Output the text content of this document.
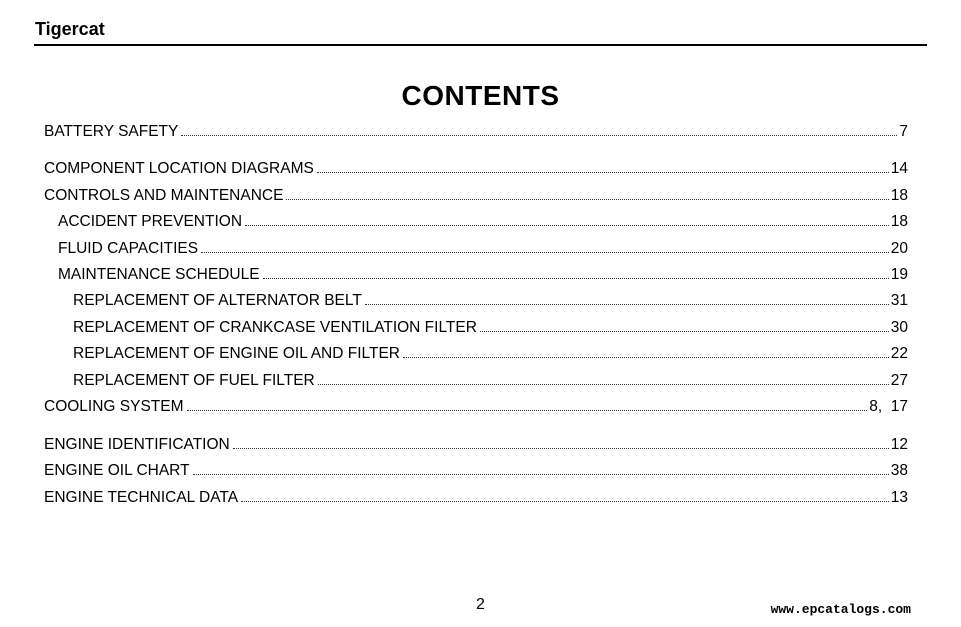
Tigercat
CONTENTS
BATTERY SAFETY	7
COMPONENT LOCATION DIAGRAMS	14
CONTROLS AND MAINTENANCE	18
ACCIDENT PREVENTION	18
FLUID CAPACITIES	20
MAINTENANCE SCHEDULE	19
REPLACEMENT OF ALTERNATOR BELT	31
REPLACEMENT OF CRANKCASE VENTILATION FILTER	30
REPLACEMENT OF ENGINE OIL AND FILTER	22
REPLACEMENT OF FUEL FILTER	27
COOLING SYSTEM	8,  17
ENGINE IDENTIFICATION	12
ENGINE OIL CHART	38
ENGINE TECHNICAL DATA	13
2	www.epcatalogs.com
